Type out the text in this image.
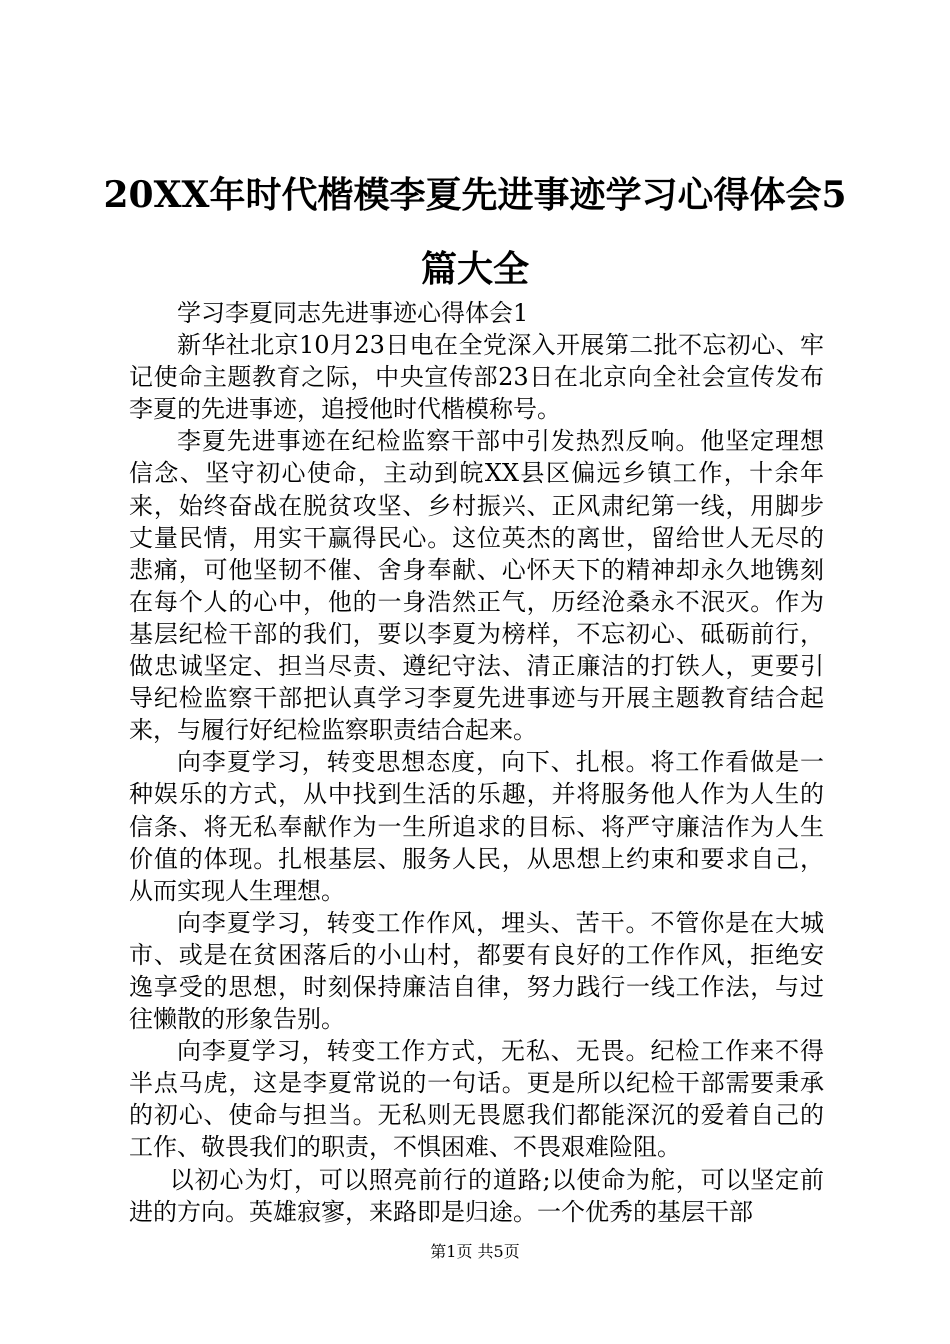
20XX年时代楷模李夏先进事迹学习心得体会5篇大全

学习李夏同志先进事迹心得体会1

新华社北京10月23日电在全党深入开展第二批不忘初心、牢记使命主题教育之际，中央宣传部23日在北京向全社会宣传发布李夏的先进事迹，追授他时代楷模称号。

李夏先进事迹在纪检监察干部中引发热烈反响。他坚定理想信念、坚守初心使命，主动到皖XX县区偏远乡镇工作，十余年来，始终奋战在脱贫攻坚、乡村振兴、正风肃纪第一线，用脚步丈量民情，用实干赢得民心。这位英杰的离世，留给世人无尽的悲痛，可他坚韧不催、舍身奉献、心怀天下的精神却永久地镌刻在每个人的心中，他的一身浩然正气，历经沧桑永不泯灭。作为基层纪检干部的我们，要以李夏为榜样，不忘初心、砥砺前行，做忠诚坚定、担当尽责、遵纪守法、清正廉洁的打铁人，更要引导纪检监察干部把认真学习李夏先进事迹与开展主题教育结合起来，与履行好纪检监察职责结合起来。

向李夏学习，转变思想态度，向下、扎根。将工作看做是一种娱乐的方式，从中找到生活的乐趣，并将服务他人作为人生的信条、将无私奉献作为一生所追求的目标、将严守廉洁作为人生价值的体现。扎根基层、服务人民，从思想上约束和要求自己，从而实现人生理想。

向李夏学习，转变工作作风，埋头、苦干。不管你是在大城市、或是在贫困落后的小山村，都要有良好的工作作风，拒绝安逸享受的思想，时刻保持廉洁自律，努力践行一线工作法，与过往懒散的形象告别。

向李夏学习，转变工作方式，无私、无畏。纪检工作来不得半点马虎，这是李夏常说的一句话。更是所以纪检干部需要秉承的初心、使命与担当。无私则无畏愿我们都能深沉的爱着自己的工作、敬畏我们的职责，不惧困难、不畏艰难险阻。

以初心为灯，可以照亮前行的道路;以使命为舵，可以坚定前进的方向。英雄寂寥，来路即是归途。一个优秀的基层干部

第1页 共5页
